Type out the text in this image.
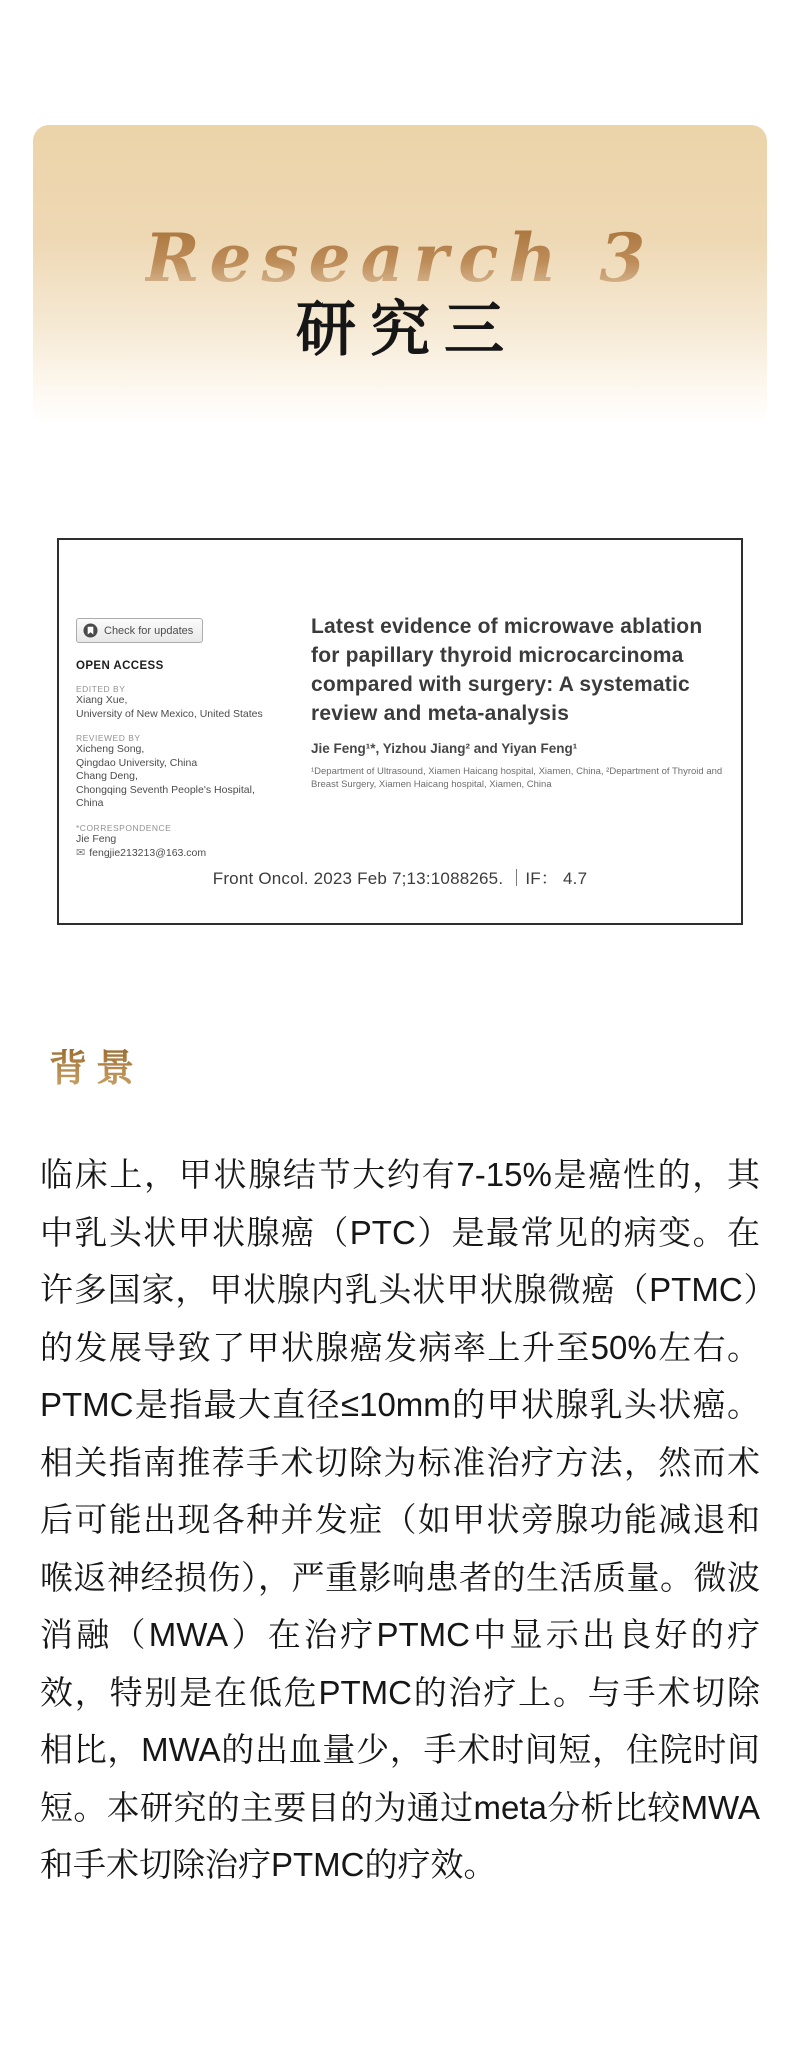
Research 3
研究三
Check for updates
OPEN ACCESS
EDITED BY
Xiang Xue,
University of New Mexico, United States
REVIEWED BY
Xicheng Song,
Qingdao University, China
Chang Deng,
Chongqing Seventh People's Hospital,
China
*CORRESPONDENCE
Jie Feng
✉ fengjie213213@163.com
Latest evidence of microwave ablation for papillary thyroid microcarcinoma compared with surgery: A systematic review and meta-analysis
Jie Feng¹*, Yizhou Jiang² and Yiyan Feng¹
¹Department of Ultrasound, Xiamen Haicang hospital, Xiamen, China, ²Department of Thyroid and Breast Surgery, Xiamen Haicang hospital, Xiamen, China
Front Oncol. 2023 Feb 7;13:1088265. ｜IF： 4.7
背景

临床上，甲状腺结节大约有7-15%是癌性的，其中乳头状甲状腺癌（PTC）是最常见的病变。在许多国家，甲状腺内乳头状甲状腺微癌（PTMC）的发展导致了甲状腺癌发病率上升至50%左右。PTMC是指最大直径≤10mm的甲状腺乳头状癌。相关指南推荐手术切除为标准治疗方法，然而术后可能出现各种并发症（如甲状旁腺功能减退和喉返神经损伤），严重影响患者的生活质量。微波消融（MWA）在治疗PTMC中显示出良好的疗效，特别是在低危PTMC的治疗上。与手术切除相比，MWA的出血量少，手术时间短，住院时间短。本研究的主要目的为通过meta分析比较MWA和手术切除治疗PTMC的疗效。
